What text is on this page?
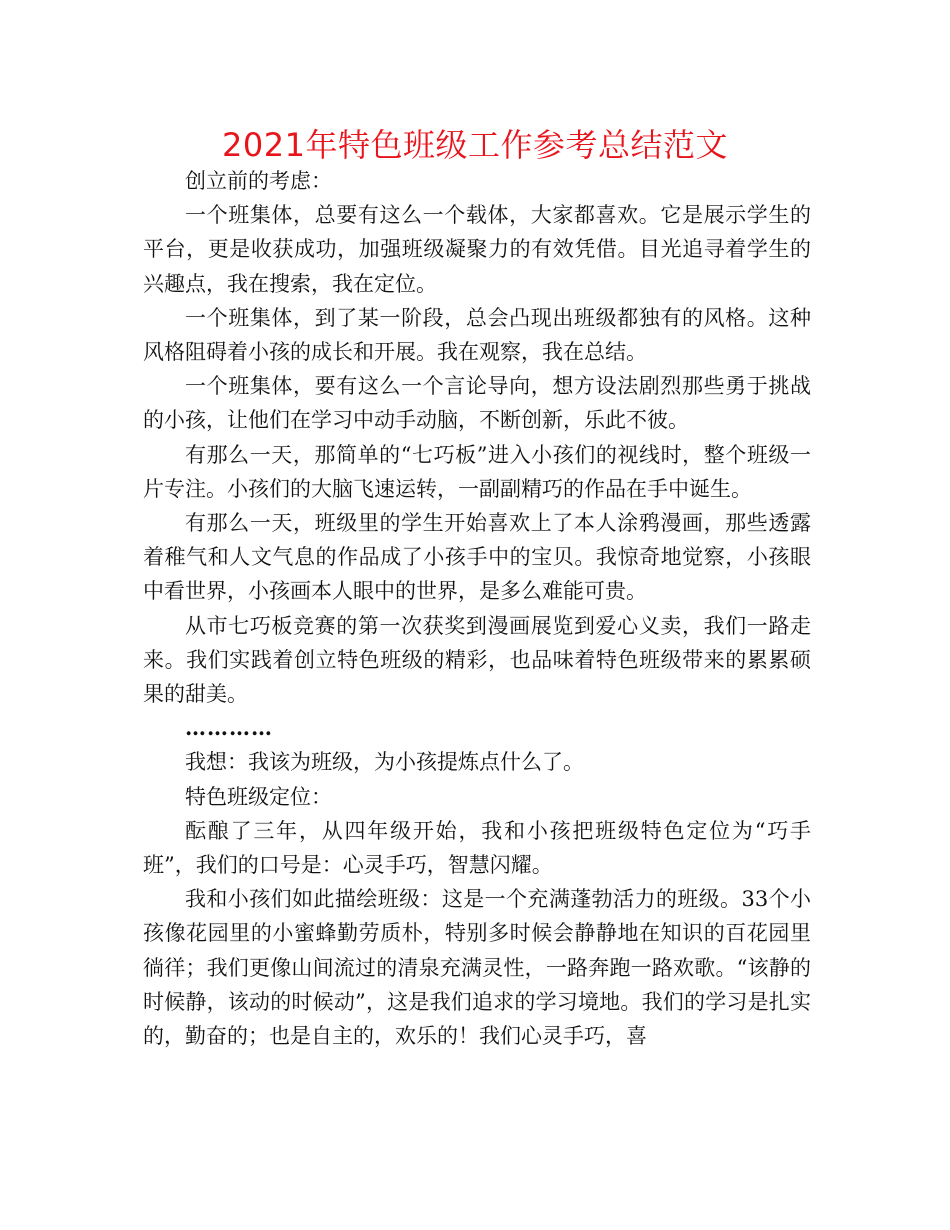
2021年特色班级工作参考总结范文

创立前的考虑：

一个班集体，总要有这么一个载体，大家都喜欢。它是展示学生的平台，更是收获成功，加强班级凝聚力的有效凭借。目光追寻着学生的兴趣点，我在搜索，我在定位。

一个班集体，到了某一阶段，总会凸现出班级都独有的风格。这种风格阻碍着小孩的成长和开展。我在观察，我在总结。

一个班集体，要有这么一个言论导向，想方设法剧烈那些勇于挑战的小孩，让他们在学习中动手动脑，不断创新，乐此不彼。

有那么一天，那简单的“七巧板”进入小孩们的视线时，整个班级一片专注。小孩们的大脑飞速运转，一副副精巧的作品在手中诞生。

有那么一天，班级里的学生开始喜欢上了本人涂鸦漫画，那些透露着稚气和人文气息的作品成了小孩手中的宝贝。我惊奇地觉察，小孩眼中看世界，小孩画本人眼中的世界，是多么难能可贵。

从市七巧板竞赛的第一次获奖到漫画展览到爱心义卖，我们一路走来。我们实践着创立特色班级的精彩，也品味着特色班级带来的累累硕果的甜美。

…………

我想：我该为班级，为小孩提炼点什么了。

特色班级定位：

酝酿了三年，从四年级开始，我和小孩把班级特色定位为“巧手班”，我们的口号是：心灵手巧，智慧闪耀。

我和小孩们如此描绘班级：这是一个充满蓬勃活力的班级。33个小孩像花园里的小蜜蜂勤劳质朴，特别多时候会静静地在知识的百花园里徜徉；我们更像山间流过的清泉充满灵性，一路奔跑一路欢歌。“该静的时候静，该动的时候动”，这是我们追求的学习境地。我们的学习是扎实的，勤奋的；也是自主的，欢乐的！我们心灵手巧，喜
